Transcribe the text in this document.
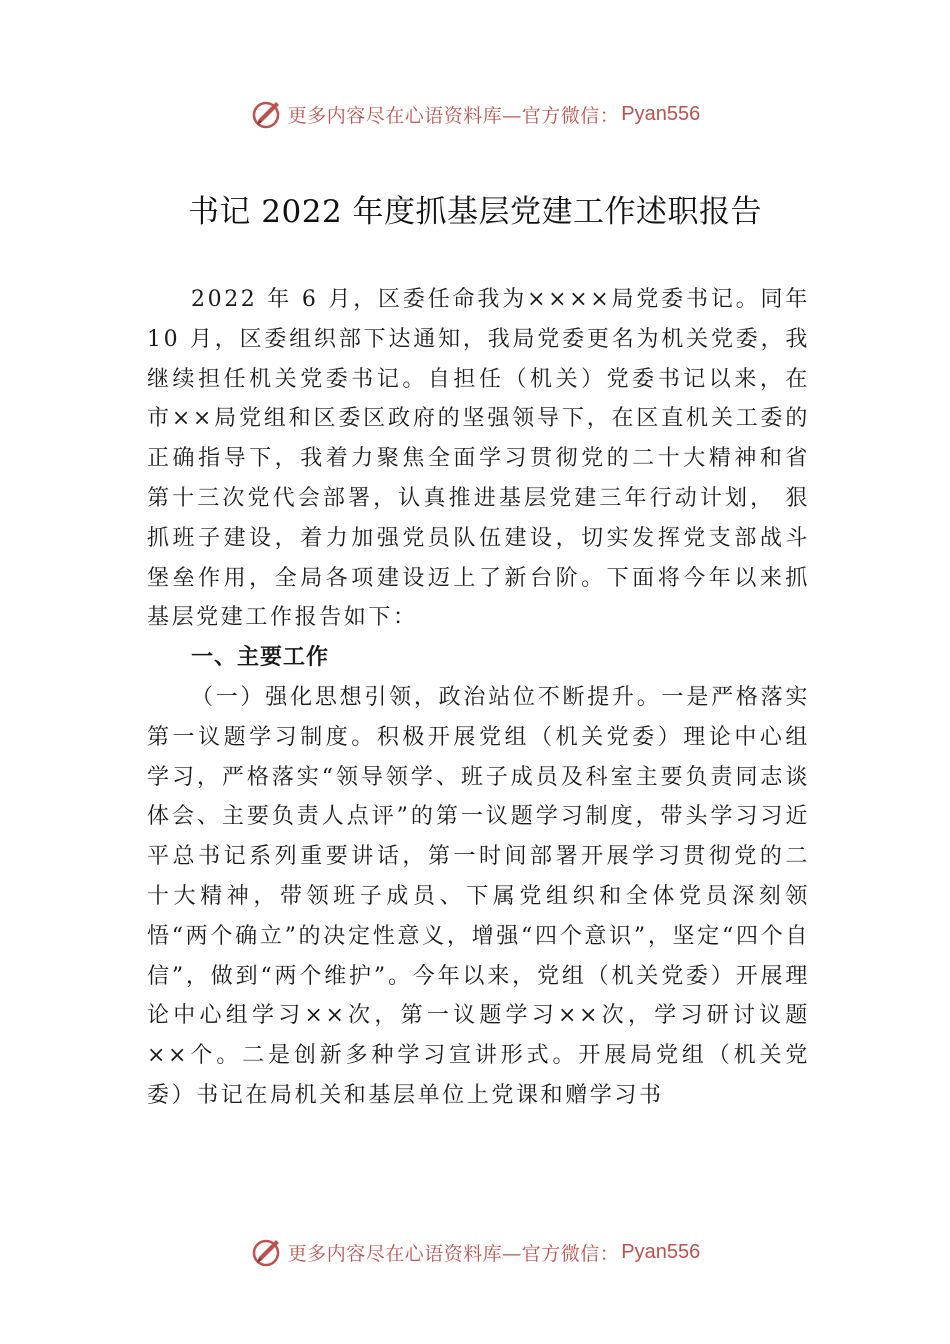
更多内容尽在心语资料库—官方微信： Pyan556
书记 2022 年度抓基层党建工作述职报告

2022 年 6 月，区委任命我为××××局党委书记。同年 10 月，区委组织部下达通知，我局党委更名为机关党委，我继续担任机关党委书记。自担任（机关）党委书记以来，在市××局党组和区委区政府的坚强领导下，在区直机关工委的正确指导下，我着力聚焦全面学习贯彻党的二十大精神和省第十三次党代会部署，认真推进基层党建三年行动计划， 狠抓班子建设，着力加强党员队伍建设，切实发挥党支部战斗堡垒作用，全局各项建设迈上了新台阶。下面将今年以来抓基层党建工作报告如下：

一、主要工作

（一）强化思想引领，政治站位不断提升。一是严格落实第一议题学习制度。积极开展党组（机关党委）理论中心组学习，严格落实“领导领学、班子成员及科室主要负责同志谈体会、主要负责人点评”的第一议题学习制度，带头学习习近平总书记系列重要讲话，第一时间部署开展学习贯彻党的二十大精神，带领班子成员、下属党组织和全体党员深刻领悟“两个确立”的决定性意义，增强“四个意识”，坚定“四个自信”，做到“两个维护”。今年以来，党组（机关党委）开展理论中心组学习××次，第一议题学习××次，学习研讨议题××个。二是创新多种学习宣讲形式。开展局党组（机关党委）书记在局机关和基层单位上党课和赠学习书

更多内容尽在心语资料库—官方微信： Pyan556
